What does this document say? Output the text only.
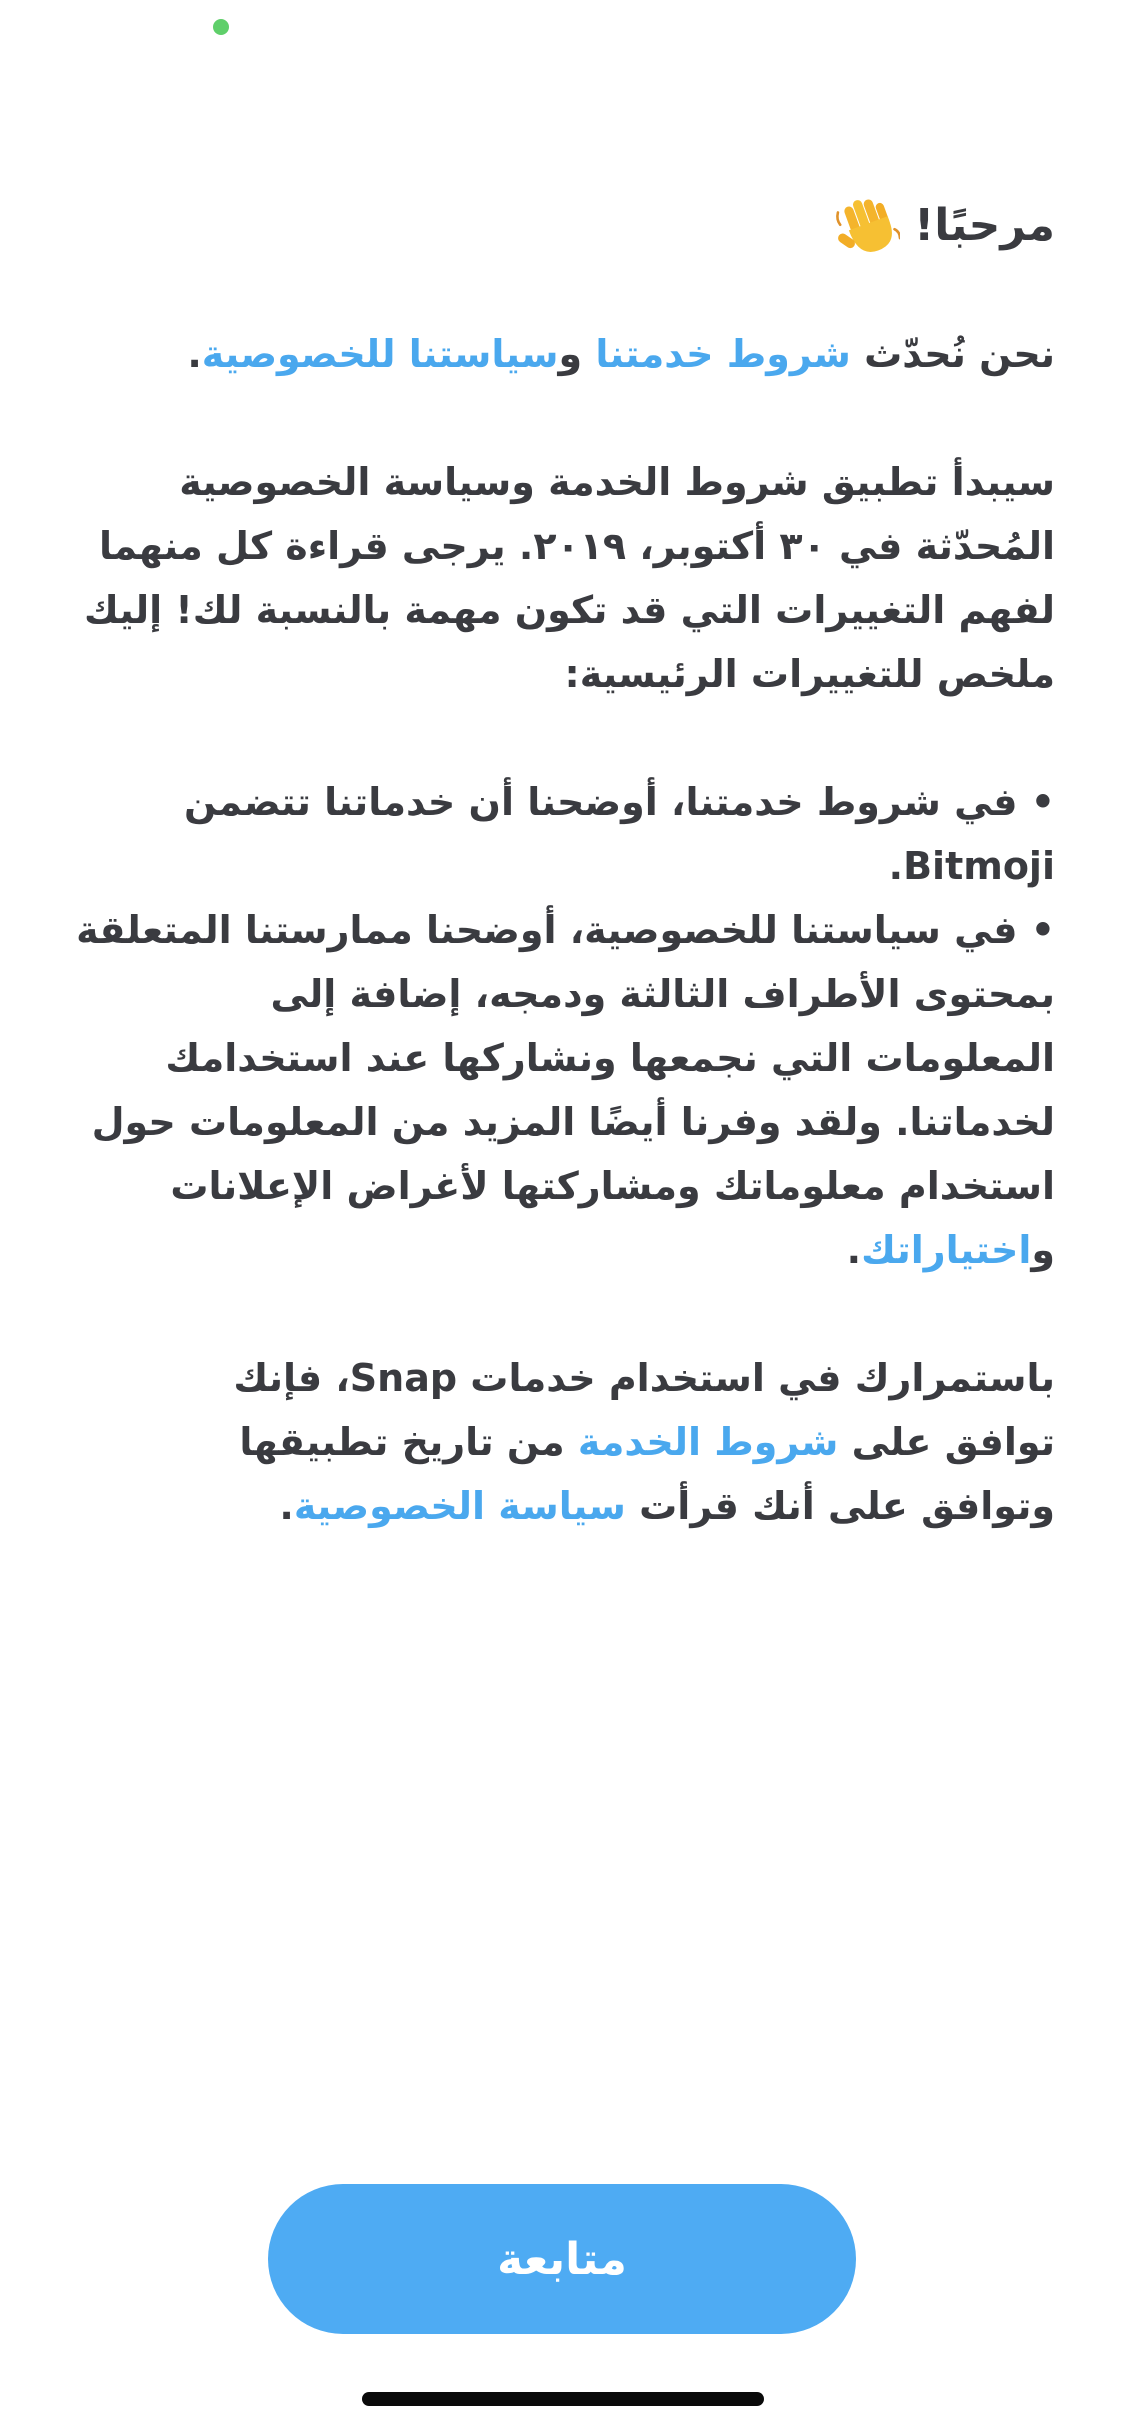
مرحبًا!

نحن نُحدّث شروط خدمتنا وسياستنا للخصوصية.

سيبدأ تطبيق شروط الخدمة وسياسة الخصوصية المُحدّثة في ٣٠ أكتوبر، ٢٠١٩. يرجى قراءة كل منهما لفهم التغييرات التي قد تكون مهمة بالنسبة لك! إليك ملخص للتغييرات الرئيسية:

• في شروط خدمتنا، أوضحنا أن خدماتنا تتضمن Bitmoji.

• في سياستنا للخصوصية، أوضحنا ممارستنا المتعلقة بمحتوى الأطراف الثالثة ودمجه، إضافة إلى المعلومات التي نجمعها ونشاركها عند استخدامك لخدماتنا. ولقد وفرنا أيضًا المزيد من المعلومات حول استخدام معلوماتك ومشاركتها لأغراض الإعلانات واختياراتك.

باستمرارك في استخدام خدمات Snap، فإنك توافق على شروط الخدمة من تاريخ تطبيقها وتوافق على أنك قرأت سياسة الخصوصية.

متابعة
